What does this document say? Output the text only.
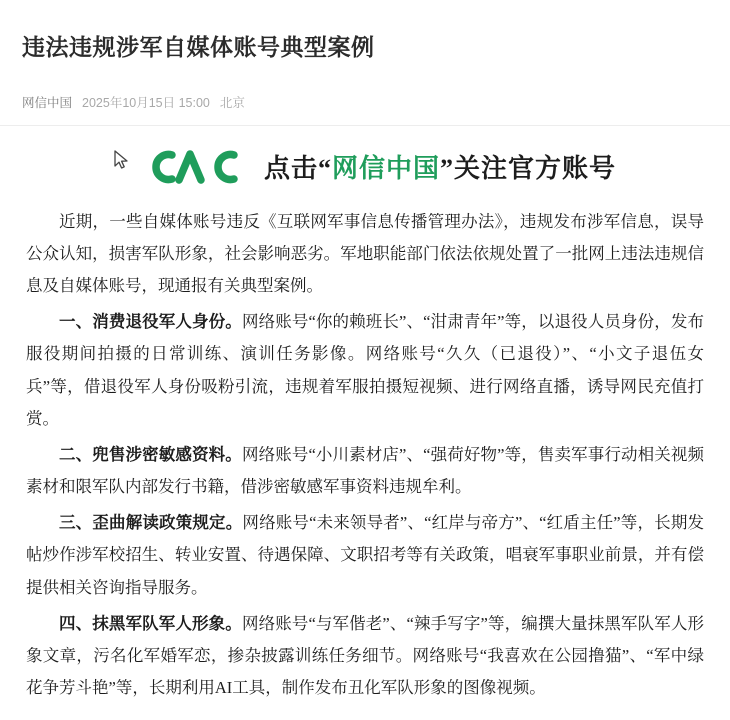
违法违规涉军自媒体账号典型案例
网信中国 2025年10月15日 15:00 北京
点击“网信中国”关注官方账号

近期，一些自媒体账号违反《互联网军事信息传播管理办法》，违规发布涉军信息，误导公众认知，损害军队形象，社会影响恶劣。军地职能部门依法依规处置了一批网上违法违规信息及自媒体账号，现通报有关典型案例。

一、消费退役军人身份。网络账号“你的赖班长”、“泔肃青年”等，以退役人员身份，发布服役期间拍摄的日常训练、演训任务影像。网络账号“久久（已退役）”、“小文子退伍女兵”等，借退役军人身份吸粉引流，违规着军服拍摄短视频、进行网络直播，诱导网民充值打赏。

二、兜售涉密敏感资料。网络账号“小川素材店”、“强荷好物”等，售卖军事行动相关视频素材和限军队内部发行书籍，借涉密敏感军事资料违规牟利。

三、歪曲解读政策规定。网络账号“未来领导者”、“红岸与帝方”、“红盾主任”等，长期发帖炒作涉军校招生、转业安置、待遇保障、文职招考等有关政策，唱衰军事职业前景，并有偿提供相关咨询指导服务。

四、抹黑军队军人形象。网络账号“与军偕老”、“辣手写字”等，编撰大量抹黑军队军人形象文章，污名化军婚军恋，掺杂披露训练任务细节。网络账号“我喜欢在公园撸猫”、“军中绿花争芳斗艳”等，长期利用AI工具，制作发布丑化军队形象的图像视频。
